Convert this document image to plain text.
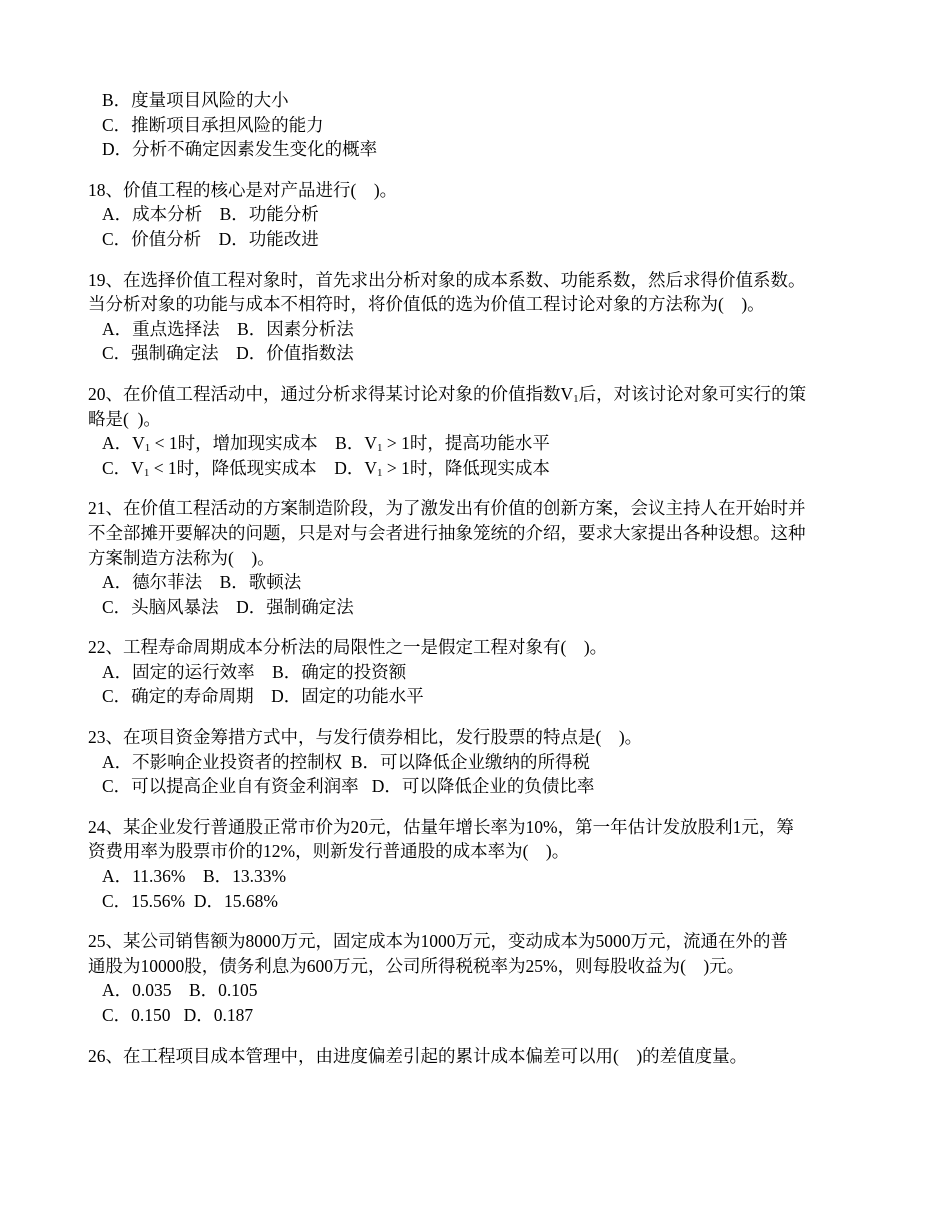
B．度量项目风险的大小
C．推断项目承担风险的能力
D．分析不确定因素发生变化的概率
18、价值工程的核心是对产品进行(    )。
A．成本分析    B．功能分析
C．价值分析    D．功能改进
19、在选择价值工程对象时，首先求出分析对象的成本系数、功能系数，然后求得价值系数。
当分析对象的功能与成本不相符时，将价值低的选为价值工程讨论对象的方法称为(    )。
A．重点选择法    B．因素分析法
C．强制确定法    D．价值指数法
20、在价值工程活动中，通过分析求得某讨论对象的价值指数$V_1$后，对该讨论对象可实行的策
略是(  )。
A．$V_1 < 1$时，增加现实成本    B．$V_1 > 1$时，提高功能水平
C．$V_1 < 1$时，降低现实成本    D．$V_1 > 1$时，降低现实成本
21、在价值工程活动的方案制造阶段，为了激发出有价值的创新方案，会议主持人在开始时并
不全部摊开要解决的问题，只是对与会者进行抽象笼统的介绍，要求大家提出各种设想。这种
方案制造方法称为(    )。
A．德尔菲法    B．歌顿法
C．头脑风暴法    D．强制确定法
22、工程寿命周期成本分析法的局限性之一是假定工程对象有(    )。
A．固定的运行效率    B．确定的投资额
C．确定的寿命周期    D．固定的功能水平
23、在项目资金筹措方式中，与发行债券相比，发行股票的特点是(    )。
A．不影响企业投资者的控制权  B．可以降低企业缴纳的所得税
C．可以提高企业自有资金利润率   D．可以降低企业的负债比率
24、某企业发行普通股正常市价为20元，估量年增长率为10%，第一年估计发放股利1元，筹
资费用率为股票市价的12%，则新发行普通股的成本率为(    )。
A．11.36%    B．13.33%
C．15.56%  D．15.68%
25、某公司销售额为8000万元，固定成本为1000万元，变动成本为5000万元，流通在外的普
通股为10000股，债务利息为600万元，公司所得税税率为25%，则每股收益为(    )元。
A．0.035    B．0.105
C．0.150   D．0.187
26、在工程项目成本管理中，由进度偏差引起的累计成本偏差可以用(    )的差值度量。
